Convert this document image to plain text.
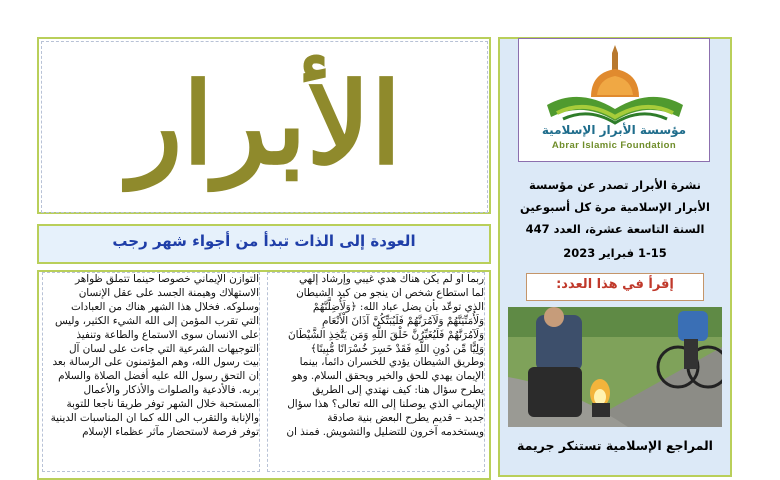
الأبرار	مؤسسة الأبرار الإسلامية
Abrar Islamic Foundation
نشرة الأبرار تصدر عن مؤسسة
الأبرار الإسلامية مرة كل أسبوعين
السنة التاسعة عشرة، العدد 447
1-15 فبراير 2023
إقرأ في هذا العدد:
المراجع الإسلامية تستنكر جريمة
العودة إلى الذات تبدأ من أجواء شهر رجب

ربما او لم يكن هناك هدي غيبي وإرشاد إلهي

لما استطاع شخص ان ينجو من كيد الشيطان

الذي توعّد بأن يضل عباد الله: ﴿وَلَأُضِلَّنَّهُمْ

وَلَأُمَنِّيَنَّهُمْ وَلَآمُرَنَّهُمْ فَلَيُبَتِّكُنَّ آذَانَ الْأَنْعَامِ

وَلَآمُرَنَّهُمْ فَلَيُغَيِّرُنَّ خَلْقَ اللَّهِ وَمَن يَتَّخِذِ الشَّيْطَانَ

وَلِيًّا مِّن دُونِ اللَّهِ فَقَدْ خَسِرَ خُسْرَانًا مُّبِينًا﴾

وطريق الشيطان يؤدي للخسران دائما، بينما

الإيمان يهدي للحق والخير ويحقق السلام. وهو

يطرح سؤال هنا: كيف نهتدي إلى الطريق

الإيماني الذي يوصلنا إلى الله تعالى؟ هذا سؤال

جديد – قديم يطرح البعض بنية صادقة

ويستخدمه آخرون للتضليل والتشويش. فمنذ ان

التوازن الإيماني خصوصا حينما تتملق ظواهر

الاستهلاك وهيمنة الجسد على عقل الإنسان

وسلوكه. فخلال هذا الشهر هناك من العبادات

التي تقرب المؤمن إلى الله الشيء الكثير، وليس

على الانسان سوى الاستماع والطاعة وتنفيذ

التوجيهات الشرعية التي جاءت على لسان آل

بيت رسول الله، وهم المؤتمنون على الرسالة بعد

ان التحق رسول الله عليه أفضل الصلاة والسلام

بربه. فالأدعية والصلوات والأذكار والأعمال

المستحبة خلال الشهر توفر طريقا ناجعا للتوبة

والإنابة والتقرب الى الله كما ان المناسبات الدينية

توفر فرصة لاستحضار مآثر عظماء الإسلام
